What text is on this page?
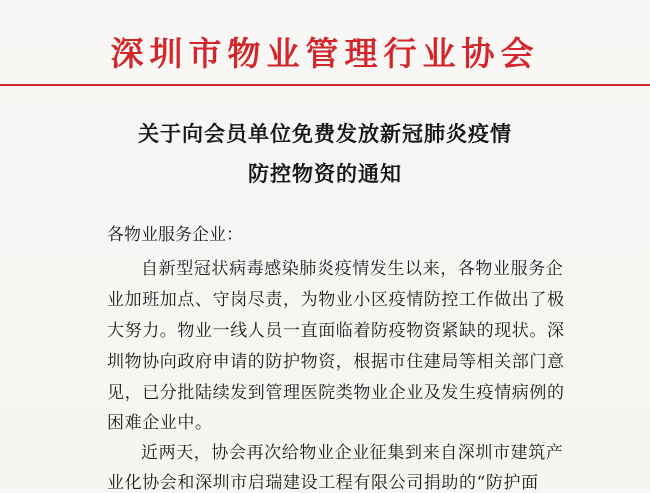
深圳市物业管理行业协会
关于向会员单位免费发放新冠肺炎疫情
防控物资的通知
各物业服务企业：
自新型冠状病毒感染肺炎疫情发生以来，各物业服务企
业加班加点、守岗尽责，为物业小区疫情防控工作做出了极
大努力。物业一线人员一直面临着防疫物资紧缺的现状。深
圳物协向政府申请的防护物资，根据市住建局等相关部门意
见，已分批陆续发到管理医院类物业企业及发生疫情病例的
困难企业中。
近两天，协会再次给物业企业征集到来自深圳市建筑产
业化协会和深圳市启瑞建设工程有限公司捐助的“防护面
